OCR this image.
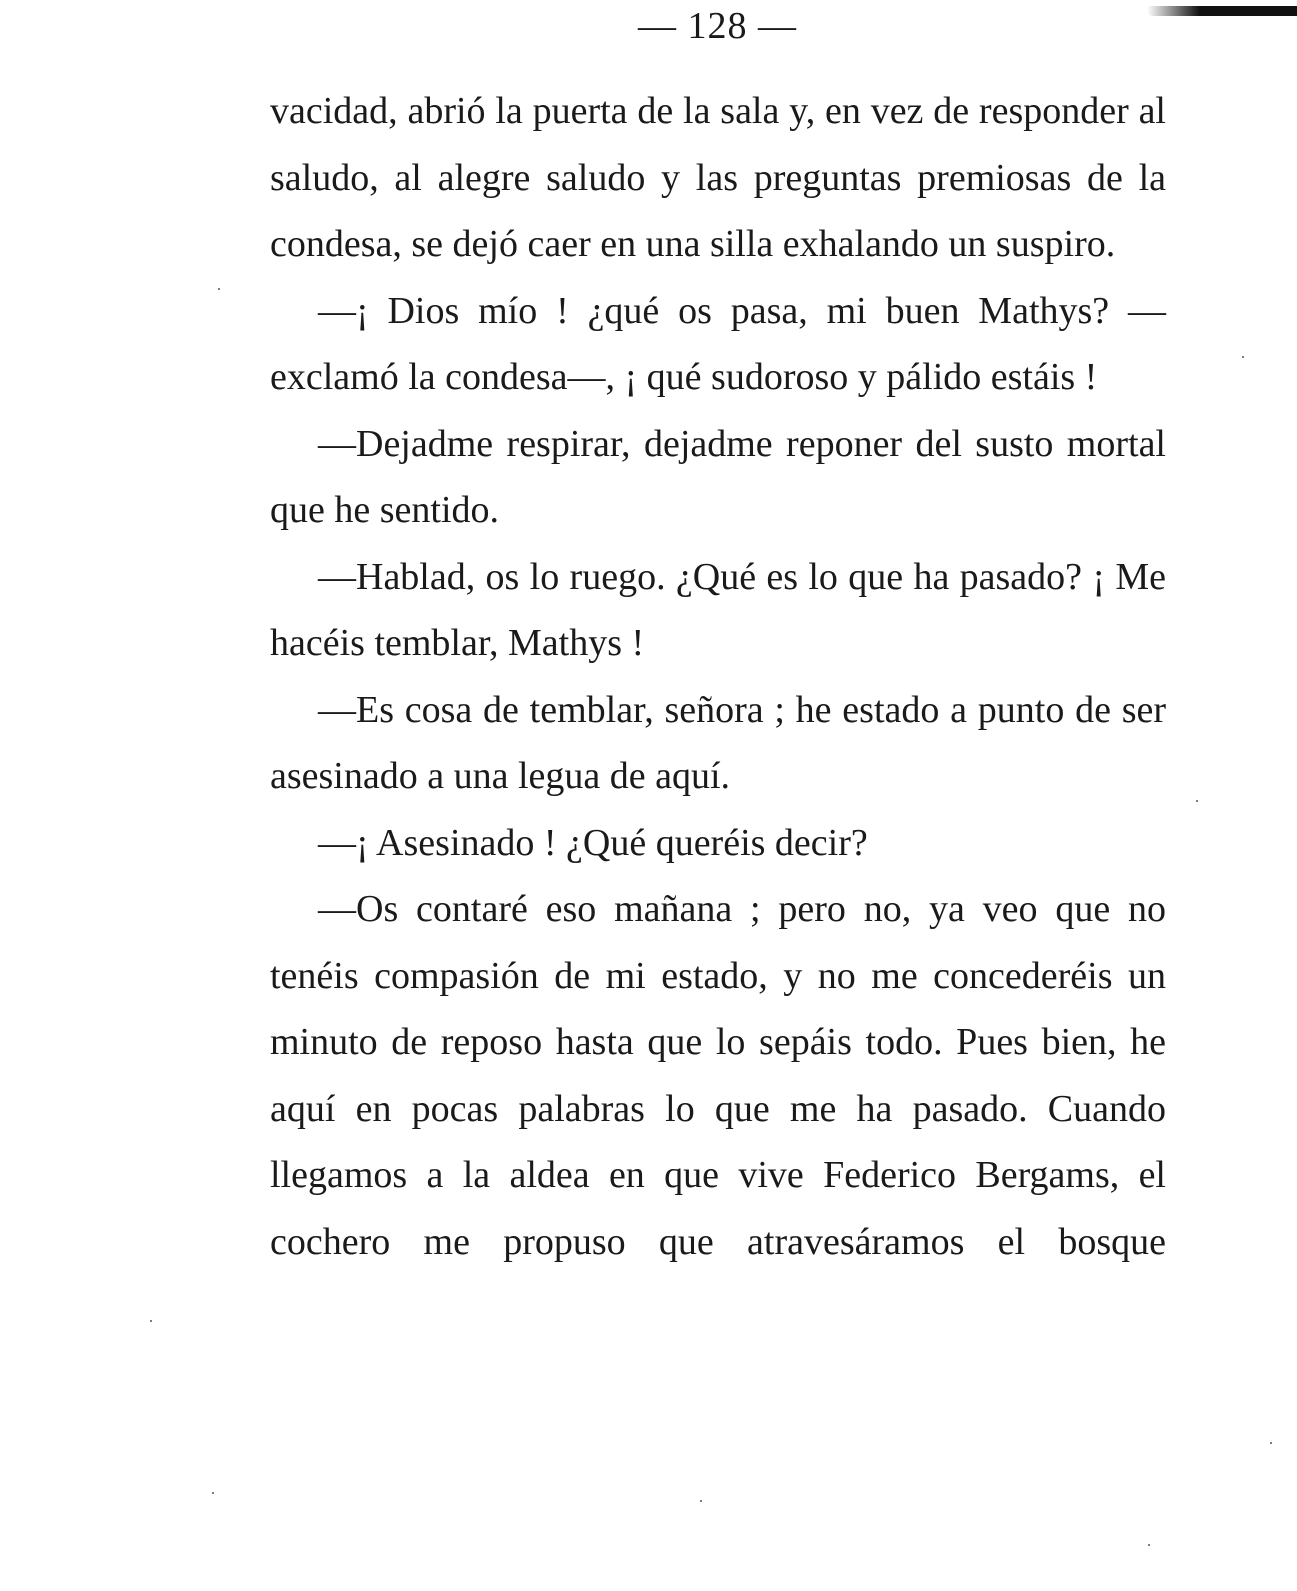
— 128 —

vacidad, abrió la puerta de la sala y, en vez de responder al saludo, al alegre saludo y las preguntas premiosas de la condesa, se dejó caer en una silla exhalando un suspiro.

—¡ Dios mío ! ¿qué os pasa, mi buen Mathys? —exclamó la condesa—, ¡ qué sudoroso y pálido estáis !

—Dejadme respirar, dejadme reponer del susto mortal que he sentido.

—Hablad, os lo ruego. ¿Qué es lo que ha pasado? ¡ Me hacéis temblar, Mathys !

—Es cosa de temblar, señora ; he estado a punto de ser asesinado a una legua de aquí.

—¡ Asesinado ! ¿Qué queréis decir?

—Os contaré eso mañana ; pero no, ya veo que no tenéis compasión de mi estado, y no me concederéis un minuto de reposo hasta que lo sepáis todo. Pues bien, he aquí en pocas palabras lo que me ha pasado. Cuando llegamos a la aldea en que vive Federico Bergams, el cochero me propuso que atravesáramos el bosque
